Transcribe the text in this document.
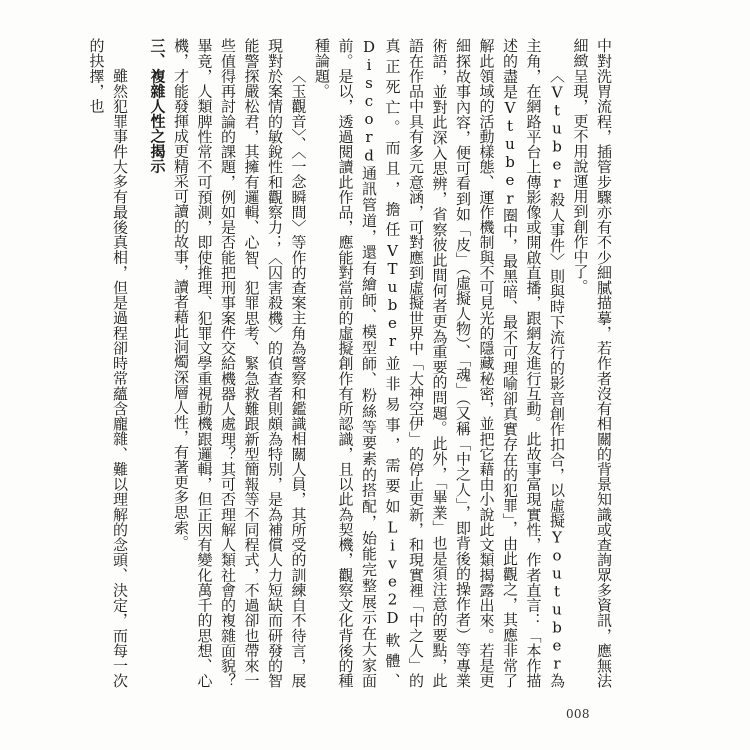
中對洗胃流程，插管步驟亦有不少細膩描摹，若作者沒有相關的背景知識或查詢眾多資訊，應無法細緻呈現，更不用說運用到創作中了。

〈Vtuber殺人事件〉則與時下流行的影音創作扣合，以虛擬Youtuber為主角，在網路平台上傳影像或開啟直播，跟網友進行互動。此故事富現實性，作者直言：「本作描述的盡是Vtuber圈中，最黑暗、最不可理喻卻真實存在的犯罪」，由此觀之，其應非常了解此領域的活動樣態、運作機制與不可見光的隱藏秘密，並把它藉由小說此文類揭露出來。若是更細探故事內容，便可看到如「皮」（虛擬人物）、「魂」（又稱「中之人」，即背後的操作者）等專業術語，並對此深入思辨，省察彼此間何者更為重要的問題。此外，「畢業」也是須注意的要點，此語在作品中具有多元意涵，可對應到虛擬世界中「大神空伊」的停止更新，和現實裡「中之人」的真正死亡。而且，擔任VTuber並非易事，需要如Live2D軟體、Discord通訊管道，還有繪師、模型師、粉絲等要素的搭配，始能完整展示在大家面前。是以，透過閱讀此作品，應能對當前的虛擬創作有所認識，且以此為契機，觀察文化背後的種種論題。

〈玉觀音〉、〈一念瞬間〉等作的查案主角為警察和鑑識相關人員，其所受的訓練自不待言，展現對於案情的敏銳性和觀察力；〈囚害殺機〉的偵查者則頗為特別，是為補償人力短缺而研發的智能警探嚴松君，其擁有邏輯、心智、犯罪思考、緊急救難跟新型簡報等不同程式，不過卻也帶來一些值得再討論的課題，例如是否能把刑事案件交給機器人處理？其可否理解人類社會的複雜面貌？畢竟，人類脾性常不可預測，即使推理、犯罪文學重視動機跟邏輯，但正因有變化萬千的思想、心機，才能發揮成更精采可讀的故事，讀者藉此洞燭深層人性，有著更多思索。

三、複雜人性之揭示

雖然犯罪事件大多有最後真相，但是過程卻時常蘊含龐雜、難以理解的念頭、決定，而每一次的抉擇，也

008
